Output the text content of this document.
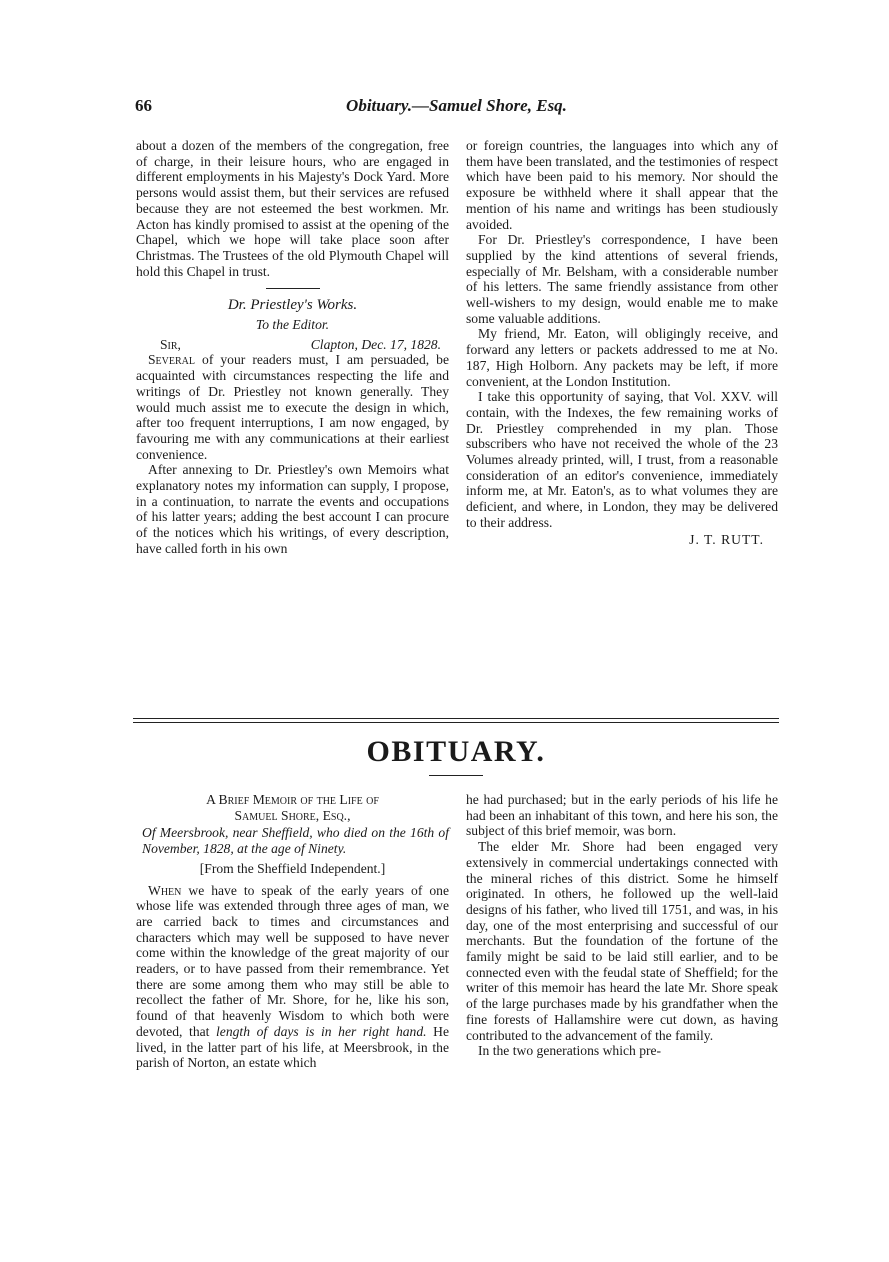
66	Obituary.—Samuel Shore, Esq.

about a dozen of the members of the congregation, free of charge, in their leisure hours, who are engaged in different employments in his Majesty's Dock Yard. More persons would assist them, but their services are refused because they are not esteemed the best workmen. Mr. Acton has kindly promised to assist at the opening of the Chapel, which we hope will take place soon after Christmas. The Trustees of the old Plymouth Chapel will hold this Chapel in trust.

Dr. Priestley's Works.
To the Editor.
Sir,	Clapton, Dec. 17, 1828.

Several of your readers must, I am persuaded, be acquainted with circumstances respecting the life and writings of Dr. Priestley not known generally. They would much assist me to execute the design in which, after too frequent interruptions, I am now engaged, by favouring me with any communications at their earliest convenience.

After annexing to Dr. Priestley's own Memoirs what explanatory notes my information can supply, I propose, in a continuation, to narrate the events and occupations of his latter years; adding the best account I can procure of the notices which his writings, of every description, have called forth in his own

or foreign countries, the languages into which any of them have been translated, and the testimonies of respect which have been paid to his memory. Nor should the exposure be withheld where it shall appear that the mention of his name and writings has been studiously avoided.

For Dr. Priestley's correspondence, I have been supplied by the kind attentions of several friends, especially of Mr. Belsham, with a considerable number of his letters. The same friendly assistance from other well-wishers to my design, would enable me to make some valuable additions.

My friend, Mr. Eaton, will obligingly receive, and forward any letters or packets addressed to me at No. 187, High Holborn. Any packets may be left, if more convenient, at the London Institution.

I take this opportunity of saying, that Vol. XXV. will contain, with the Indexes, the few remaining works of Dr. Priestley comprehended in my plan. Those subscribers who have not received the whole of the 23 Volumes already printed, will, I trust, from a reasonable consideration of an editor's convenience, immediately inform me, at Mr. Eaton's, as to what volumes they are deficient, and where, in London, they may be delivered to their address.

J. T. RUTT.
OBITUARY.
A Brief Memoir of the Life of
Samuel Shore, Esq.,

Of Meersbrook, near Sheffield, who died on the 16th of November, 1828, at the age of Ninety.

[From the Sheffield Independent.]

When we have to speak of the early years of one whose life was extended through three ages of man, we are carried back to times and circumstances and characters which may well be supposed to have never come within the knowledge of the great majority of our readers, or to have passed from their remembrance. Yet there are some among them who may still be able to recollect the father of Mr. Shore, for he, like his son, found of that heavenly Wisdom to which both were devoted, that length of days is in her right hand. He lived, in the latter part of his life, at Meersbrook, in the parish of Norton, an estate which

he had purchased; but in the early periods of his life he had been an inhabitant of this town, and here his son, the subject of this brief memoir, was born.

The elder Mr. Shore had been engaged very extensively in commercial undertakings connected with the mineral riches of this district. Some he himself originated. In others, he followed up the well-laid designs of his father, who lived till 1751, and was, in his day, one of the most enterprising and successful of our merchants. But the foundation of the fortune of the family might be said to be laid still earlier, and to be connected even with the feudal state of Sheffield; for the writer of this memoir has heard the late Mr. Shore speak of the large purchases made by his grandfather when the fine forests of Hallamshire were cut down, as having contributed to the advancement of the family.

In the two generations which pre-
